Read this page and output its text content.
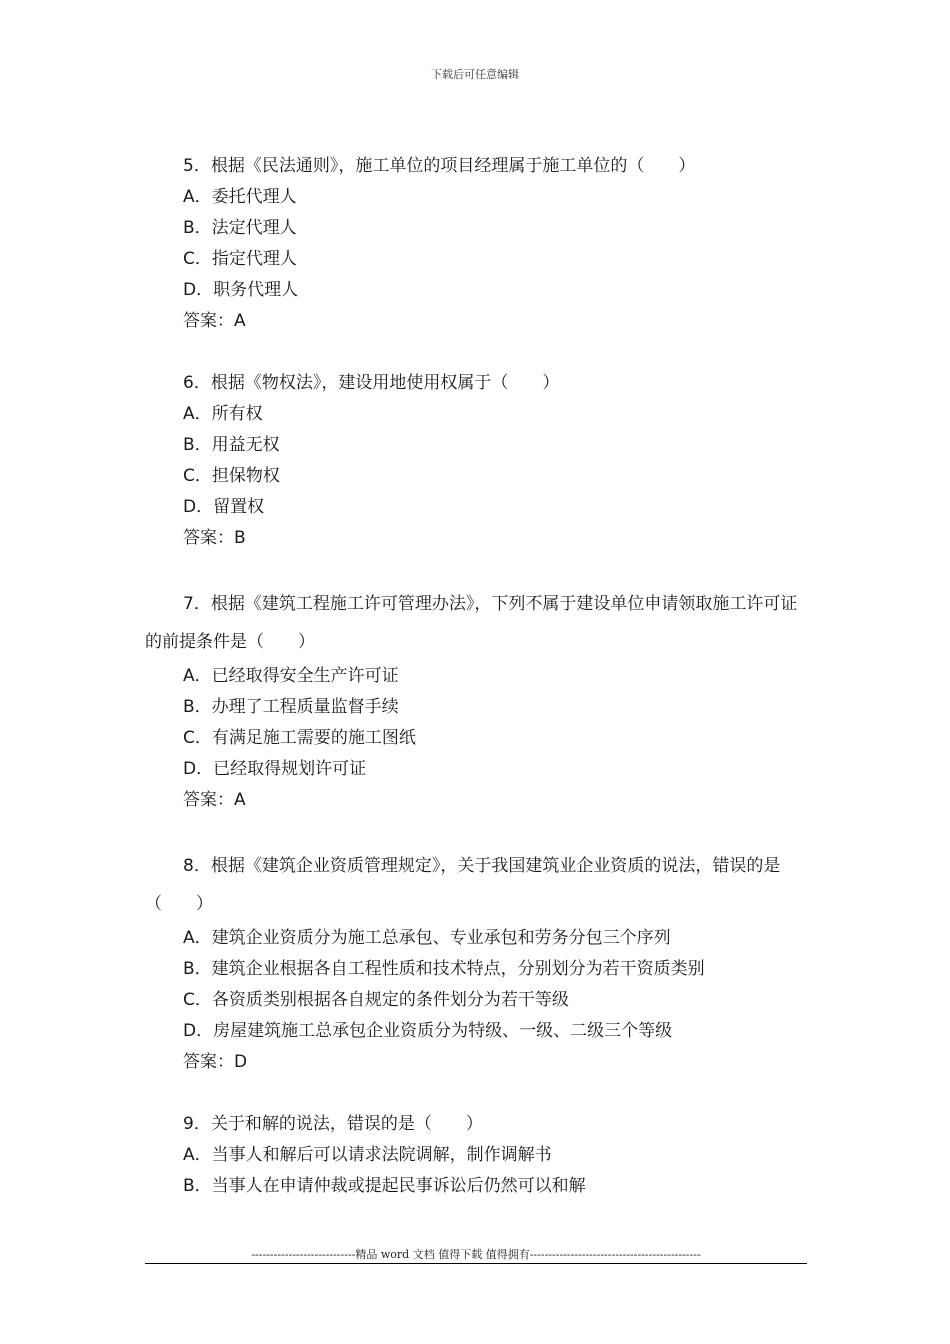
下载后可任意编辑
5．根据《民法通则》，施工单位的项目经理属于施工单位的（　　）
A．委托代理人
B．法定代理人
C．指定代理人
D．职务代理人
答案：A
6．根据《物权法》，建设用地使用权属于（　　）
A．所有权
B．用益无权
C．担保物权
D．留置权
答案：B
7．根据《建筑工程施工许可管理办法》，下列不属于建设单位申请领取施工许可证的前提条件是（　　）
A．已经取得安全生产许可证
B．办理了工程质量监督手续
C．有满足施工需要的施工图纸
D．已经取得规划许可证
答案：A
8．根据《建筑企业资质管理规定》，关于我国建筑业企业资质的说法，错误的是（　　）
A．建筑企业资质分为施工总承包、专业承包和劳务分包三个序列
B．建筑企业根据各自工程性质和技术特点，分别划分为若干资质类别
C．各资质类别根据各自规定的条件划分为若干等级
D．房屋建筑施工总承包企业资质分为特级、一级、二级三个等级
答案：D
9．关于和解的说法，错误的是（　　）
A．当事人和解后可以请求法院调解，制作调解书
B．当事人在申请仲裁或提起民事诉讼后仍然可以和解
----------------------------精品 word 文档 值得下载 值得拥有----------------------------------------------
